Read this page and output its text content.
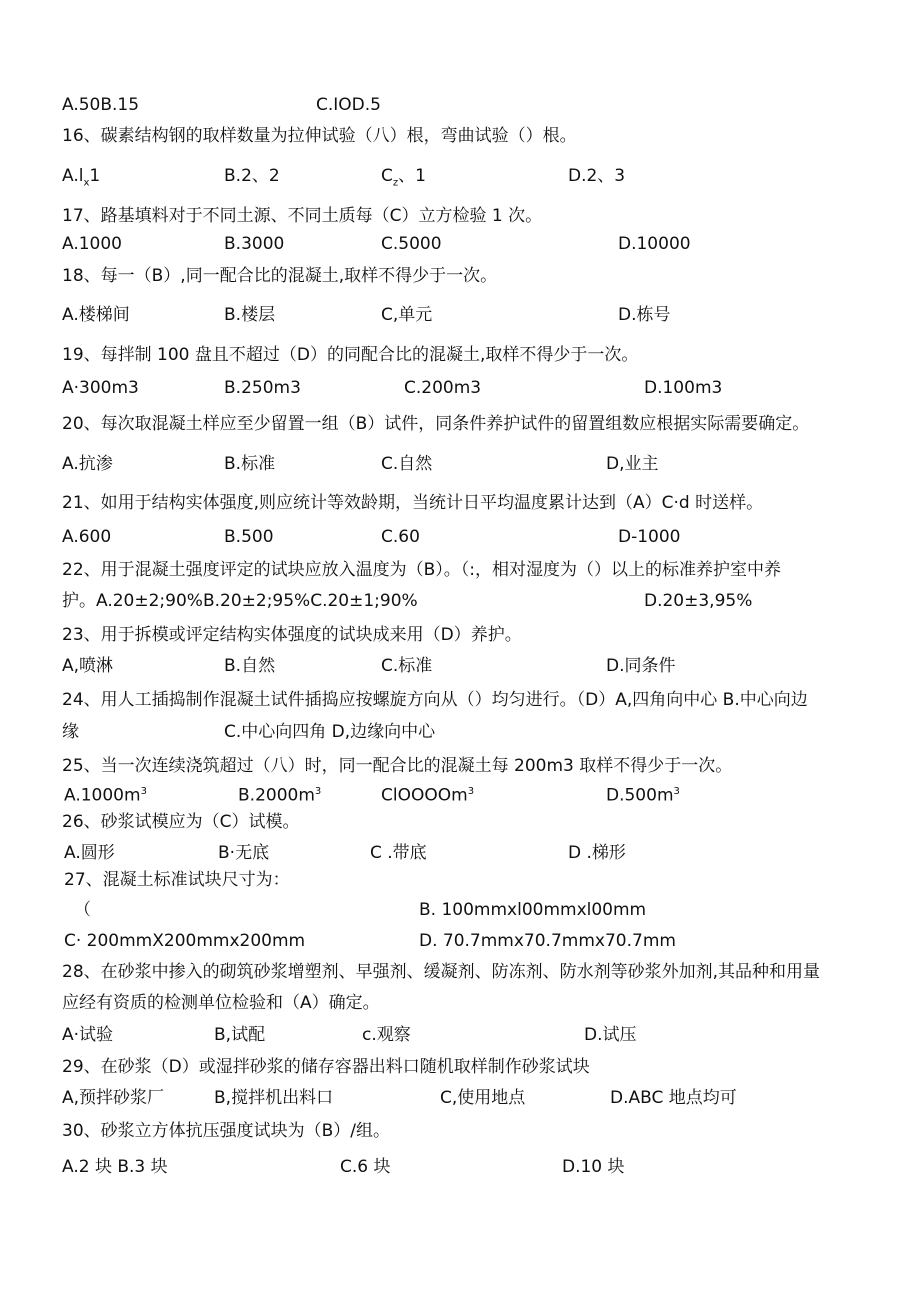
A.50B.15	C.IOD.5
16、碳素结构钢的取样数量为拉伸试验（八）根，弯曲试验（）根。
$A.l_x1$	B.2、2	$C_z$、1	D.2、3
17、路基填料对于不同土源、不同土质每（C）立方检验 1 次。
A.1000	B.3000	C.5000	D.10000
18、每一（B）,同一配合比的混凝土,取样不得少于一次。
A.楼梯间	B.楼层	C,单元	D.栋号
19、每拌制 100 盘且不超过（D）的同配合比的混凝土,取样不得少于一次。
A·300m3	B.250m3	C.200m3	D.100m3
20、每次取混凝土样应至少留置一组（B）试件，同条件养护试件的留置组数应根据实际需要确定。
A.抗渗	B.标准	C.自然	D,业主
21、如用于结构实体强度,则应统计等效龄期，当统计日平均温度累计达到（A）C·d 时送样。
A.600	B.500	C.60	D-1000
22、用于混凝土强度评定的试块应放入温度为（B）。（:，相对湿度为（）以上的标准养护室中养
护。A.20±2;90%B.20±2;95%C.20±1;90%	D.20±3,95%
23、用于拆模或评定结构实体强度的试块成来用（D）养护。
A,喷淋	B.自然	C.标准	D.同条件
24、用人工插捣制作混凝土试件插捣应按螺旋方向从（）均匀进行。（D）A,四角向中心 B.中心向边
缘	C.中心向四角 D,边缘向中心
25、当一次连续浇筑超过（八）时，同一配合比的混凝土每 200m3 取样不得少于一次。
$A.1000m^3$	$B.2000m^3$	ClOOOOm$^3$	$D.500m^3$
26、砂浆试模应为（C）试模。
A.圆形	B·无底	C .带底	D .梯形
27、混凝土标准试块尺寸为：
（	B. 100mmxl00mmxl00mm
C· 200mmX200mmx200mm	D. 70.7mmx70.7mmx70.7mm
28、在砂浆中掺入的砌筑砂浆增塑剂、早强剂、缓凝剂、防冻剂、防水剂等砂浆外加剂,其品种和用量
应经有资质的检测单位检验和（A）确定。
A·试验	B,试配	c.观察	D.试压
29、在砂浆（D）或湿拌砂浆的储存容器出料口随机取样制作砂浆试块
A,预拌砂浆厂	B,搅拌机出料口	C,使用地点	D.ABC 地点均可
30、砂浆立方体抗压强度试块为（B）/组。
A.2 块 B.3 块	C.6 块	D.10 块
